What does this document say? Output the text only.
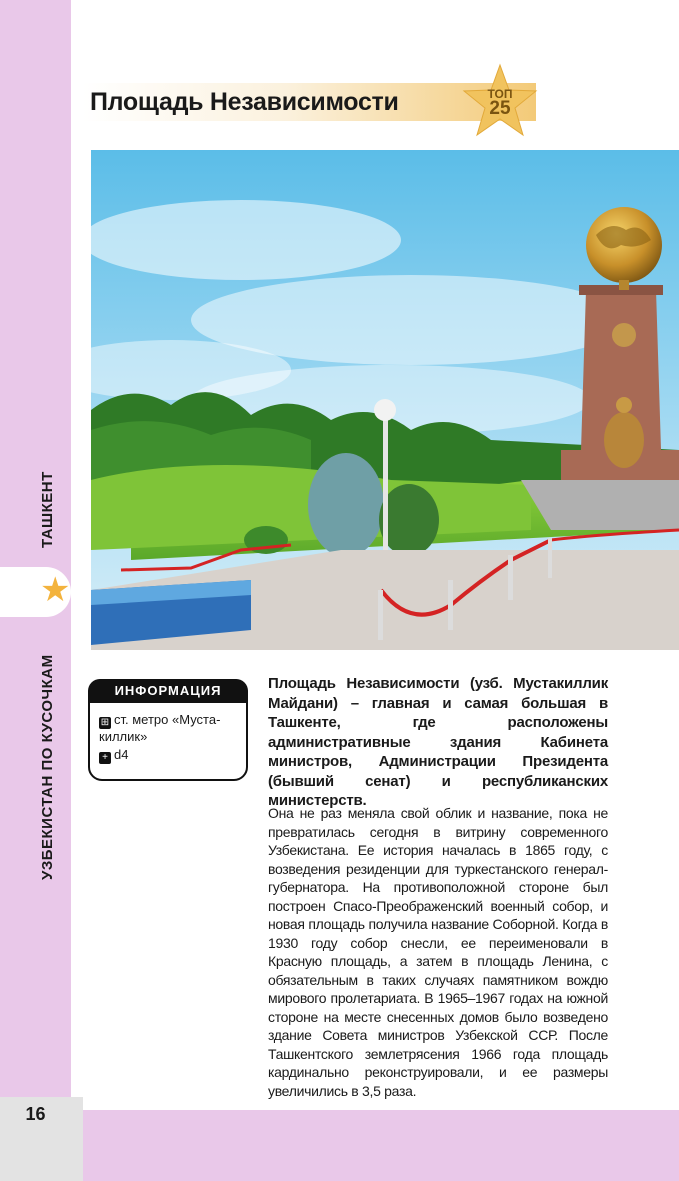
16
ТАШКЕНТ
УЗБЕКИСТАН ПО КУСОЧКАМ
★
Площадь Независимости	ТОП
25
ИНФОРМАЦИЯ
⊞ ст. метро «Муста-
киллик»
+ d4
Площадь Независимости (узб. Мустакиллик Майдани) – главная и самая большая в Ташкенте, где расположены административные здания Кабинета министров, Администрации Президента (бывший сенат) и республиканских министерств.
Она не раз меняла свой облик и название, пока не превратилась сегодня в витрину современного Узбекистана. Ее история началась в 1865 году, с возведения резиденции для туркестанского генерал-губернатора. На противоположной стороне был построен Спасо-Преображенский военный собор, и новая площадь получила название Соборной. Когда в 1930 году собор снесли, ее переименовали в Красную площадь, а затем в площадь Ленина, с обязательным в таких случаях памятником вождю мирового пролетариата. В 1965–1967 годах на южной стороне на месте снесенных домов было возведено здание Совета министров Узбекской ССР. После Ташкентского землетрясения 1966 года площадь кардинально реконструировали, и ее размеры увеличились в 3,5 раза.
